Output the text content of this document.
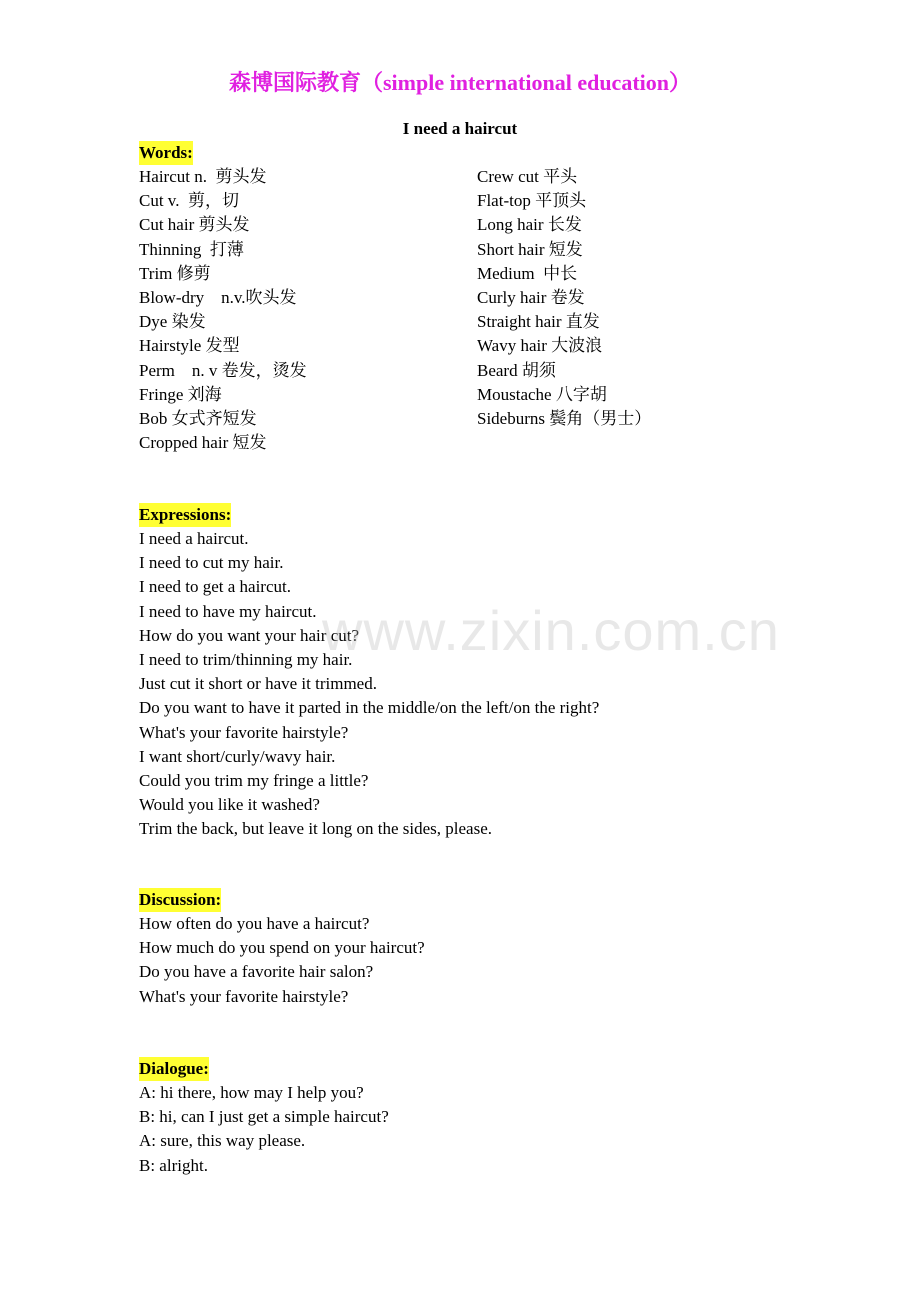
森博国际教育（simple international education）
I need a haircut
Words:
Haircut n.  剪头发
Cut v.  剪，切
Cut hair 剪头发
Thinning  打薄
Trim 修剪
Blow-dry    n.v.吹头发
Dye 染发
Hairstyle 发型
Perm    n. v 卷发，烫发
Fringe 刘海
Bob 女式齐短发
Cropped hair 短发
Crew cut 平头
Flat-top 平顶头
Long hair 长发
Short hair 短发
Medium  中长
Curly hair 卷发
Straight hair 直发
Wavy hair 大波浪
Beard 胡须
Moustache 八字胡
Sideburns 鬓角（男士）
Expressions:
I need a haircut.
I need to cut my hair.
I need to get a haircut.
I need to have my haircut.
How do you want your hair cut?
I need to trim/thinning my hair.
Just cut it short or have it trimmed.
Do you want to have it parted in the middle/on the left/on the right?
What's your favorite hairstyle?
I want short/curly/wavy hair.
Could you trim my fringe a little?
Would you like it washed?
Trim the back, but leave it long on the sides, please.
Discussion:
How often do you have a haircut?
How much do you spend on your haircut?
Do you have a favorite hair salon?
What's your favorite hairstyle?
Dialogue:
A: hi there, how may I help you?
B: hi, can I just get a simple haircut?
A: sure, this way please.
B: alright.
www.zixin.com.cn
